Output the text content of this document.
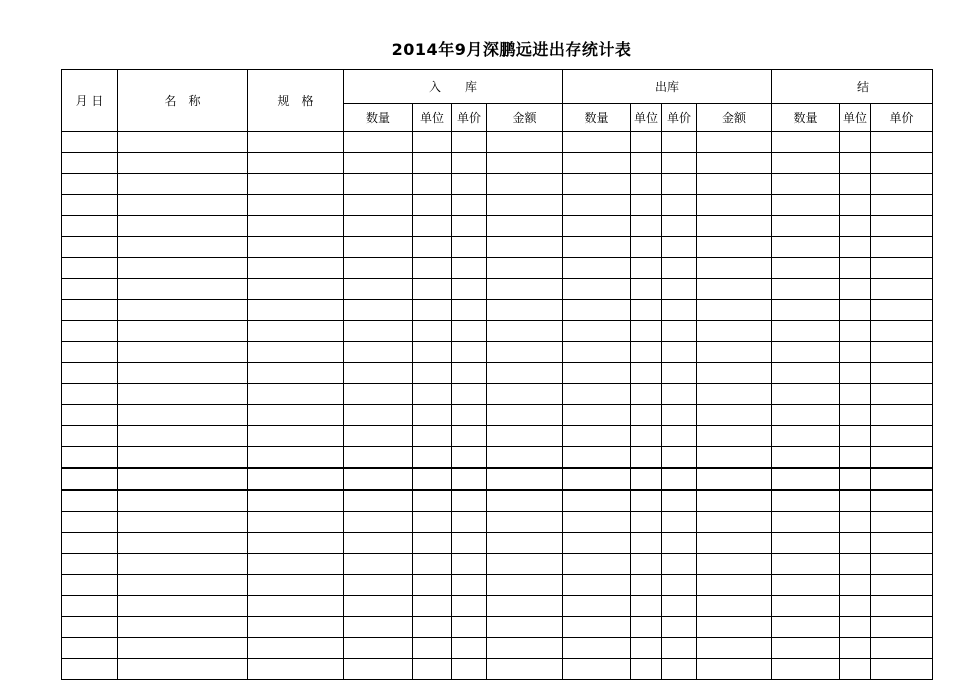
2014年9月深鹏远进出存统计表
月 日	名　称	规　格	入　　库				出库				结		
			数量	单位	单价	金额	数量	单位	单价	金额	数量	单位	单价
